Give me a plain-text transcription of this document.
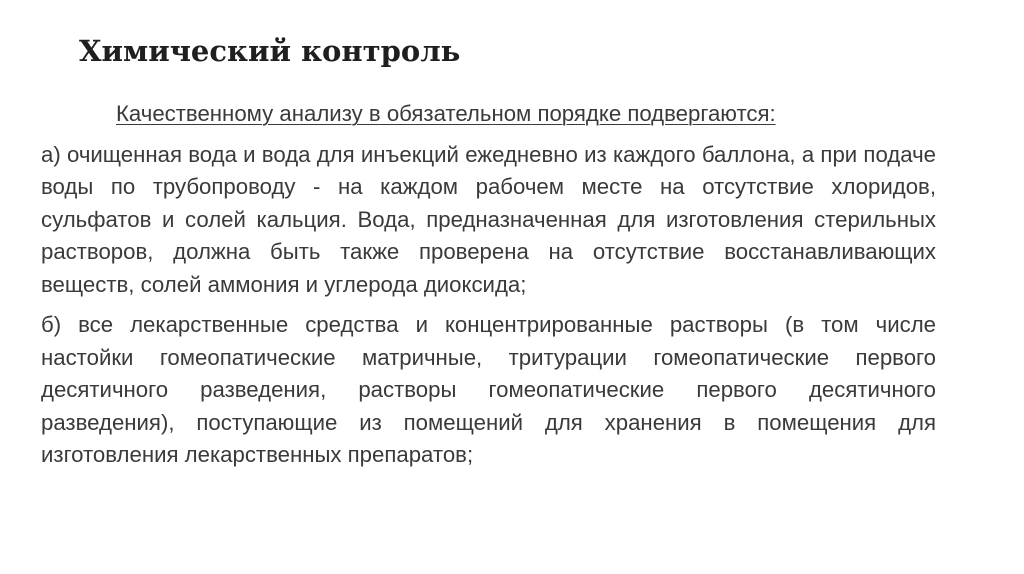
Химический контроль

Качественному анализу в обязательном порядке подвергаются:

а) очищенная вода и вода для инъекций ежедневно из каждого баллона, а при подаче воды по трубопроводу - на каждом рабочем месте на отсутствие хлоридов, сульфатов и солей кальция. Вода, предназначенная для изготовления стерильных растворов, должна быть также проверена на отсутствие восстанавливающих веществ, солей аммония и углерода диоксида;

б) все лекарственные средства и концентрированные растворы (в том числе настойки гомеопатические матричные, тритурации гомеопатические первого десятичного разведения, растворы гомеопатические первого десятичного разведения), поступающие из помещений для хранения в помещения для изготовления лекарственных препаратов;
